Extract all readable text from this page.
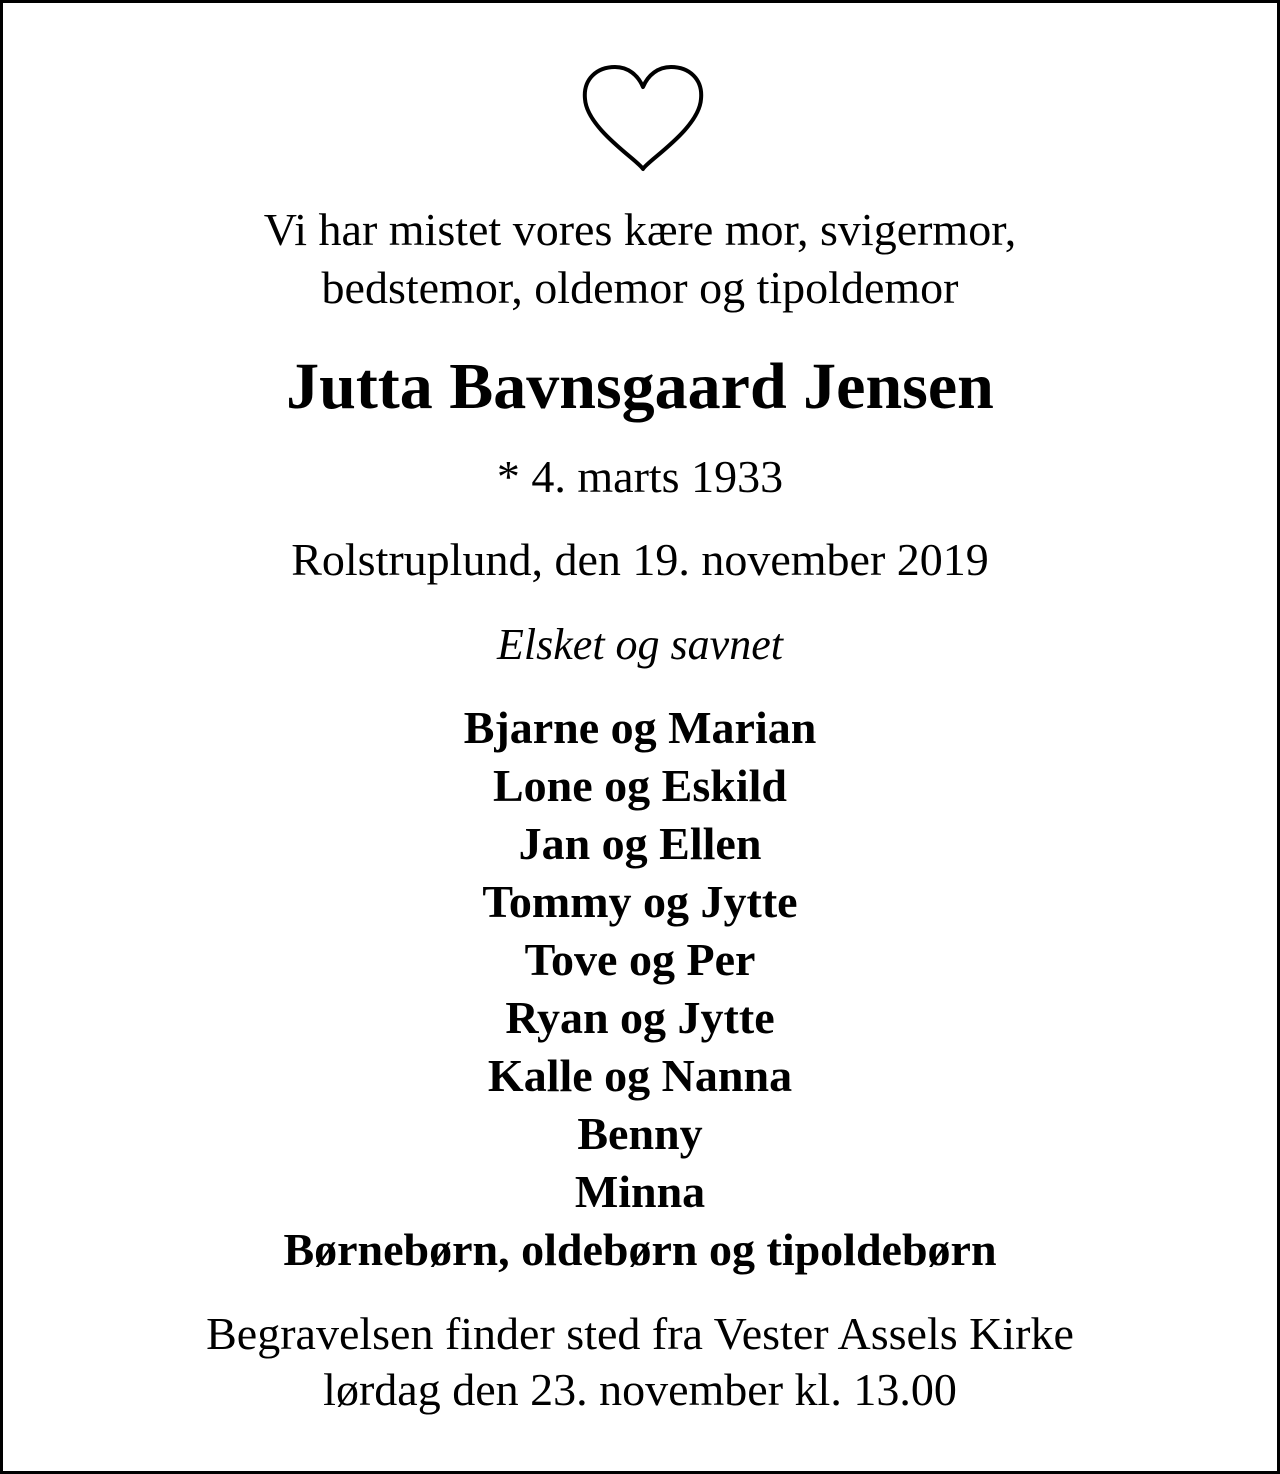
Vi har mistet vores kære mor, svigermor,
bedstemor, oldemor og tipoldemor
Jutta Bavnsgaard Jensen
* 4. marts 1933
Rolstruplund, den 19. november 2019
Elsket og savnet
Bjarne og Marian
Lone og Eskild
Jan og Ellen
Tommy og Jytte
Tove og Per
Ryan og Jytte
Kalle og Nanna
Benny
Minna
Børnebørn, oldebørn og tipoldebørn
Begravelsen finder sted fra Vester Assels Kirke
lørdag den 23. november kl. 13.00
